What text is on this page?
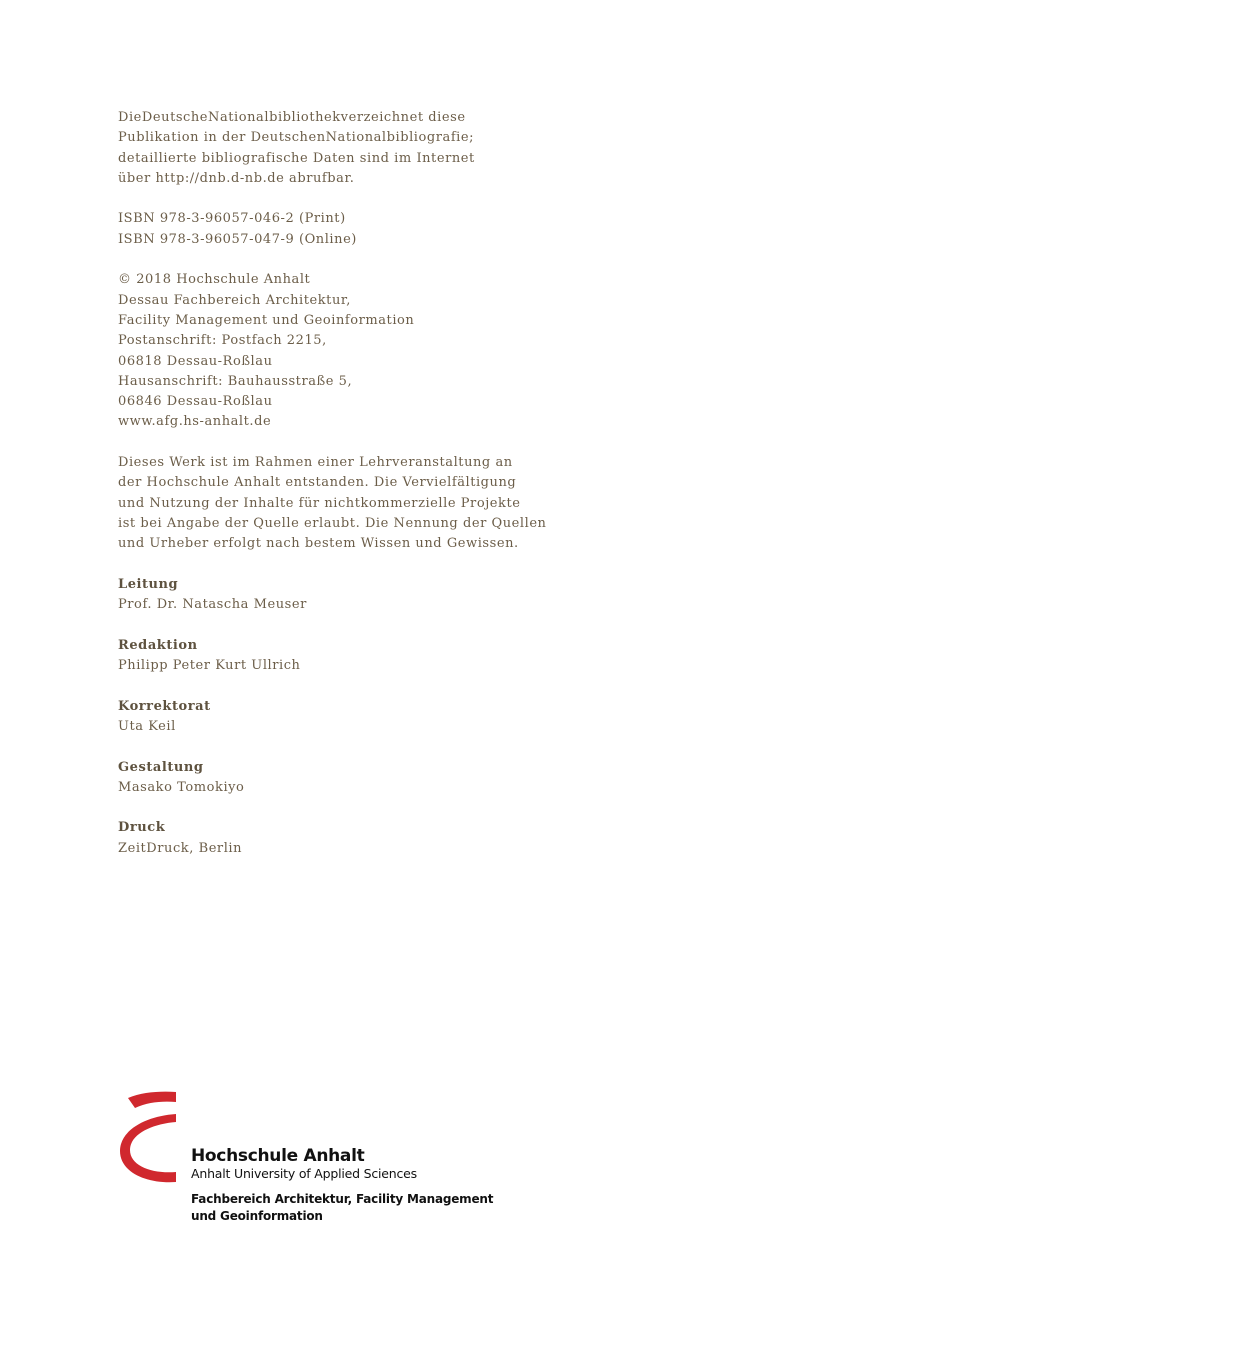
DieDeutscheNationalbibliothekverzeichnet diese
Publikation in der DeutschenNationalbibliografie;
detaillierte bibliografische Daten sind im Internet
über http://dnb.d-nb.de abrufbar.
ISBN 978-3-96057-046-2 (Print)
ISBN 978-3-96057-047-9 (Online)
© 2018 Hochschule Anhalt
Dessau Fachbereich Architektur,
Facility Management und Geoinformation
Postanschrift: Postfach 2215,
06818 Dessau-Roßlau
Hausanschrift: Bauhausstraße 5,
06846 Dessau-Roßlau
www.afg.hs-anhalt.de
Dieses Werk ist im Rahmen einer Lehrveranstaltung an
der Hochschule Anhalt entstanden. Die Vervielfältigung
und Nutzung der Inhalte für nichtkommerzielle Projekte
ist bei Angabe der Quelle erlaubt. Die Nennung der Quellen
und Urheber erfolgt nach bestem Wissen und Gewissen.
Leitung
Prof. Dr. Natascha Meuser
Redaktion
Philipp Peter Kurt Ullrich
Korrektorat
Uta Keil
Gestaltung
Masako Tomokiyo
Druck
ZeitDruck, Berlin
Hochschule Anhalt
Anhalt University of Applied Sciences
Fachbereich Architektur, Facility Management
und Geoinformation
